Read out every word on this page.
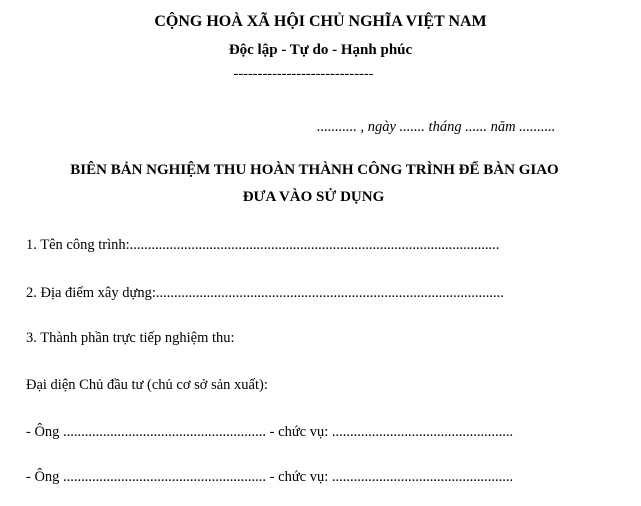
CỘNG HOÀ XÃ HỘI CHỦ NGHĨA VIỆT NAM
Độc lập - Tự do - Hạnh phúc
-----------------------------
........... , ngày ....... tháng ...... năm ..........
BIÊN BẢN NGHIỆM THU HOÀN THÀNH CÔNG TRÌNH ĐỂ BÀN GIAO
ĐƯA VÀO SỬ DỤNG
1. Tên công trình:......................................................................................................
2. Địa điểm xây dựng:................................................................................................
3. Thành phần trực tiếp nghiệm thu:
Đại diện Chủ đầu tư (chủ cơ sở sản xuất):
- Ông ........................................................ - chức vụ: ..................................................
- Ông ........................................................ - chức vụ: ..................................................
